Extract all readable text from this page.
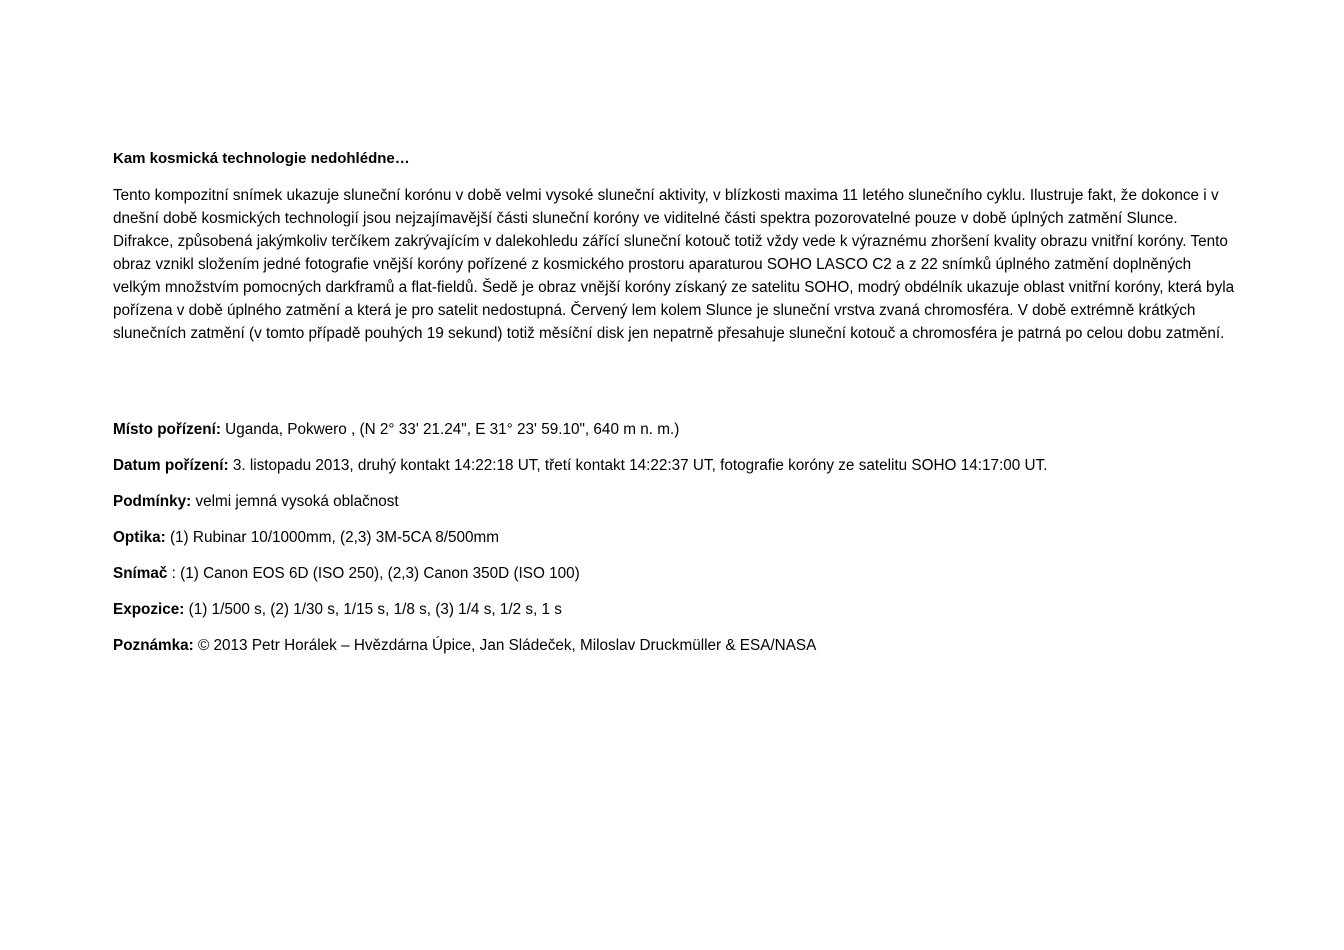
Kam kosmická technologie nedohlédne…

Tento kompozitní snímek ukazuje sluneční korónu v době velmi vysoké sluneční aktivity, v blízkosti maxima 11 letého slunečního cyklu. Ilustruje fakt, že dokonce i v dnešní době kosmických technologií jsou nejzajímavější části sluneční koróny ve viditelné části spektra pozorovatelné pouze v době úplných zatmění Slunce. Difrakce, způsobená jakýmkoliv terčíkem zakrývajícím v dalekohledu zářící sluneční kotouč totiž vždy vede k výraznému zhoršení kvality obrazu vnitřní koróny. Tento obraz vznikl složením jedné fotografie vnější koróny pořízené z kosmického prostoru aparaturou SOHO LASCO C2 a z 22 snímků úplného zatmění doplněných velkým množstvím pomocných darkframů a flat-fieldů. Šedě je obraz vnější koróny získaný ze satelitu SOHO, modrý obdélník ukazuje oblast vnitřní koróny, která byla pořízena v době úplného zatmění a která je pro satelit nedostupná. Červený lem kolem Slunce je sluneční vrstva zvaná chromosféra. V době extrémně krátkých slunečních zatmění (v tomto případě pouhých 19 sekund) totiž měsíční disk jen nepatrně přesahuje sluneční kotouč a chromosféra je patrná po celou dobu zatmění.

Místo pořízení: Uganda, Pokwero , (N 2° 33' 21.24", E 31° 23' 59.10", 640 m n. m.)
Datum pořízení: 3. listopadu 2013, druhý kontakt 14:22:18 UT, třetí kontakt 14:22:37 UT, fotografie koróny ze satelitu SOHO 14:17:00 UT.
Podmínky: velmi jemná vysoká oblačnost
Optika: (1) Rubinar 10/1000mm, (2,3) 3M-5CA 8/500mm
Snímač : (1) Canon EOS 6D (ISO 250), (2,3) Canon 350D (ISO 100)
Expozice: (1) 1/500 s, (2) 1/30 s, 1/15 s, 1/8 s, (3) 1/4 s, 1/2 s, 1 s
Poznámka: © 2013 Petr Horálek – Hvězdárna Úpice, Jan Sládeček, Miloslav Druckmüller & ESA/NASA
